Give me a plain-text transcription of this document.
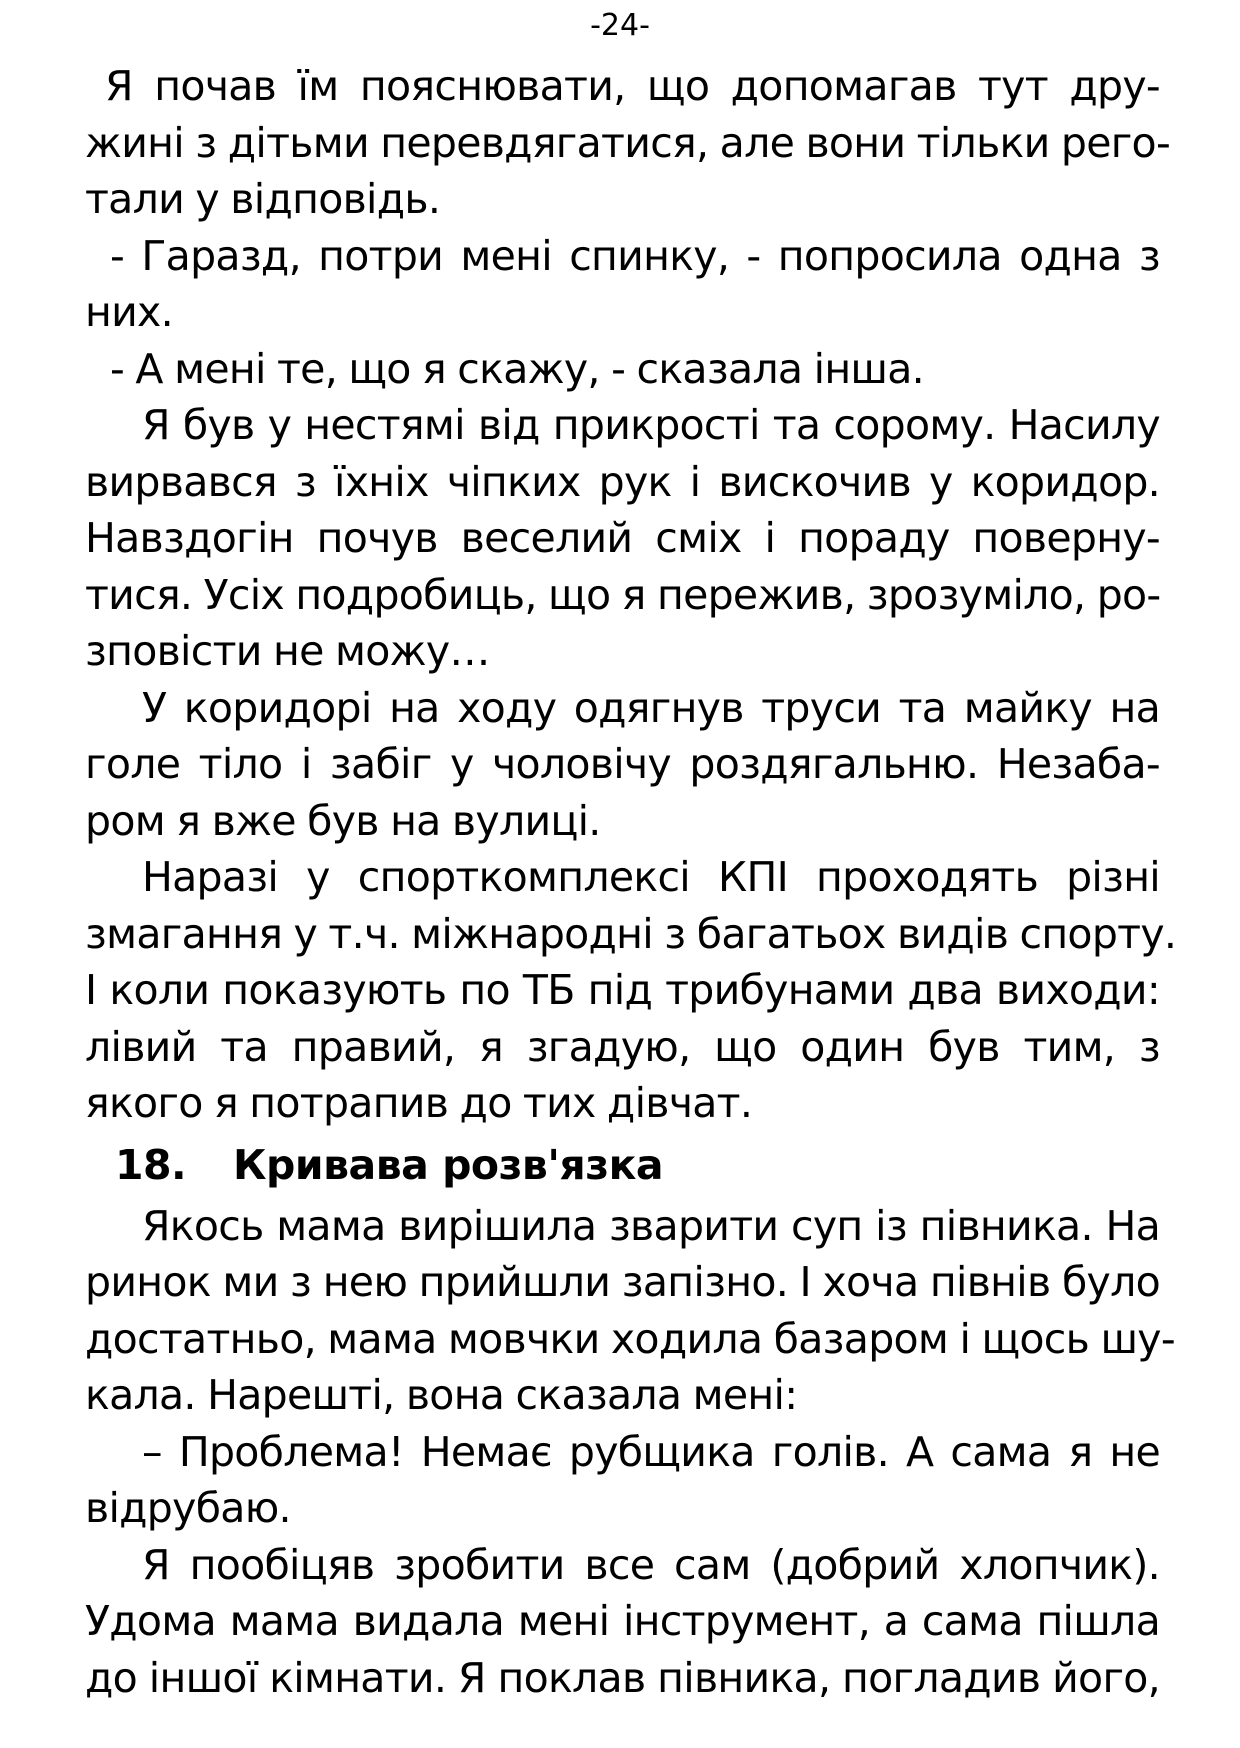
-24-
Я почав їм пояснювати, що допомагав тут дру-
жині з дітьми перевдягатися, але вони тільки рего-
тали у відповідь.
- Гаразд, потри мені спинку, - попросила одна з
них.
- А мені те, що я скажу, - сказала інша.
Я був у нестямі від прикрості та сорому. Насилу
вирвався з їхніх чіпких рук і вискочив у коридор.
Навздогін почув веселий сміх і пораду поверну-
тися. Усіх подробиць, що я пережив, зрозуміло, ро-
зповісти не можу…
У коридорі на ходу одягнув труси та майку на
голе тіло і забіг у чоловічу роздягальню. Незаба-
ром я вже був на вулиці.
Наразі у спорткомплексі КПІ проходять різні
змагання у т.ч. міжнародні з багатьох видів спорту.
І коли показують по ТБ під трибунами два виходи:
лівий та правий, я згадую, що один був тим, з
якого я потрапив до тих дівчат.
18. Кривава розв'язка
Якось мама вирішила зварити суп із півника. На
ринок ми з нею прийшли запізно. І хоча півнів було
достатньо, мама мовчки ходила базаром і щось шу-
кала. Нарешті, вона сказала мені:
– Проблема! Немає рубщика голів. А сама я не
відрубаю.
Я пообіцяв зробити все сам (добрий хлопчик).
Удома мама видала мені інструмент, а сама пішла
до іншої кімнати. Я поклав півника, погладив його,
